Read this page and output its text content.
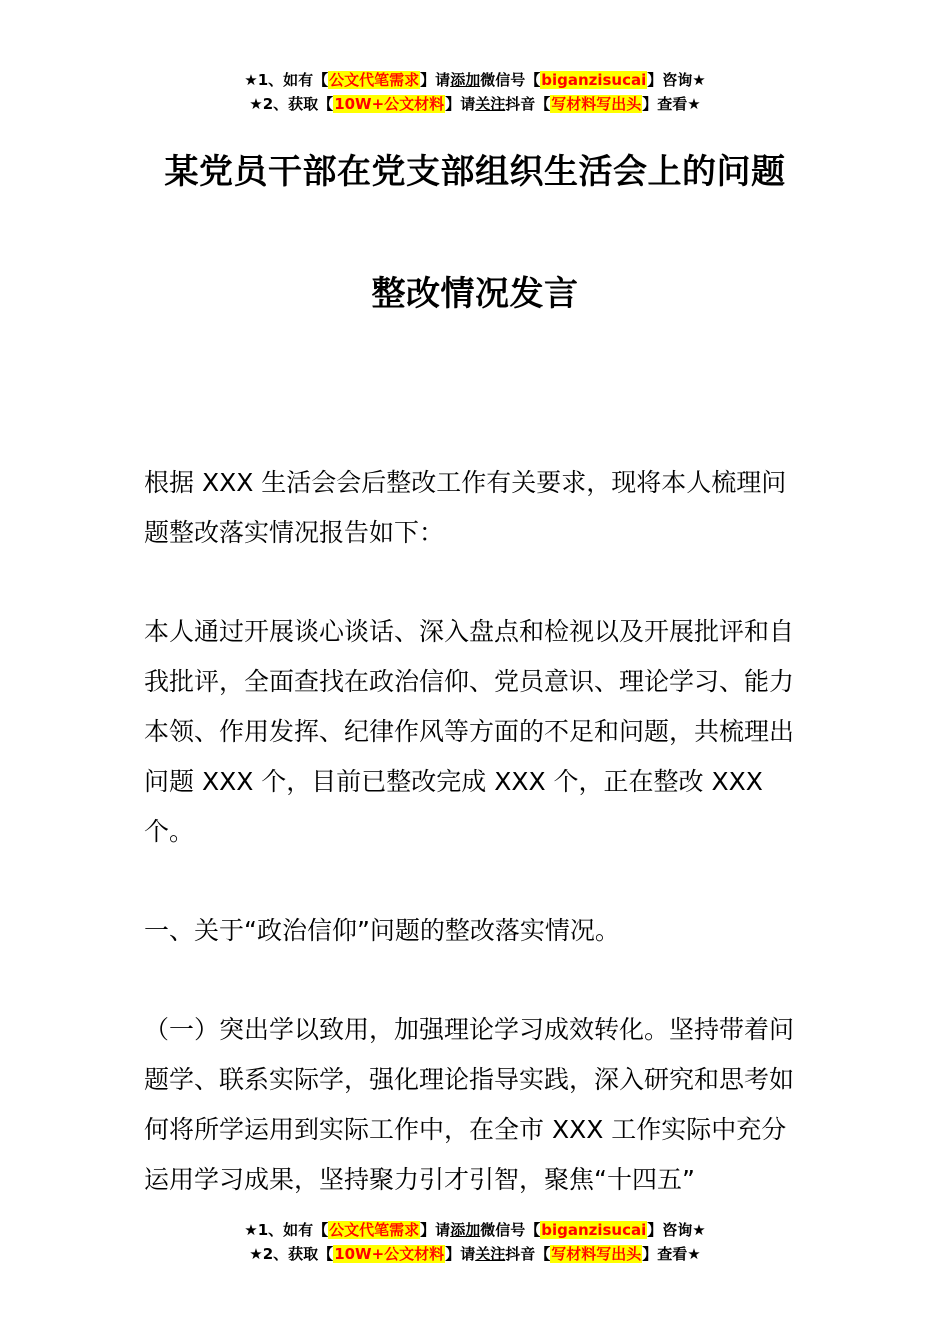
★1、如有【公文代笔需求】请添加微信号【biganzisucai】咨询★
★2、获取【10W+公文材料】请关注抖音【写材料写出头】查看★
某党员干部在党支部组织生活会上的问题
整改情况发言

根据 XXX 生活会会后整改工作有关要求，现将本人梳理问题整改落实情况报告如下：

本人通过开展谈心谈话、深入盘点和检视以及开展批评和自我批评，全面查找在政治信仰、党员意识、理论学习、能力本领、作用发挥、纪律作风等方面的不足和问题，共梳理出问题 XXX 个，目前已整改完成 XXX 个，正在整改 XXX 个。

一、关于“政治信仰”问题的整改落实情况。

（一）突出学以致用，加强理论学习成效转化。坚持带着问题学、联系实际学，强化理论指导实践，深入研究和思考如何将所学运用到实际工作中，在全市 XXX 工作实际中充分运用学习成果，坚持聚力引才引智，聚焦“十四五”

★1、如有【公文代笔需求】请添加微信号【biganzisucai】咨询★
★2、获取【10W+公文材料】请关注抖音【写材料写出头】查看★
